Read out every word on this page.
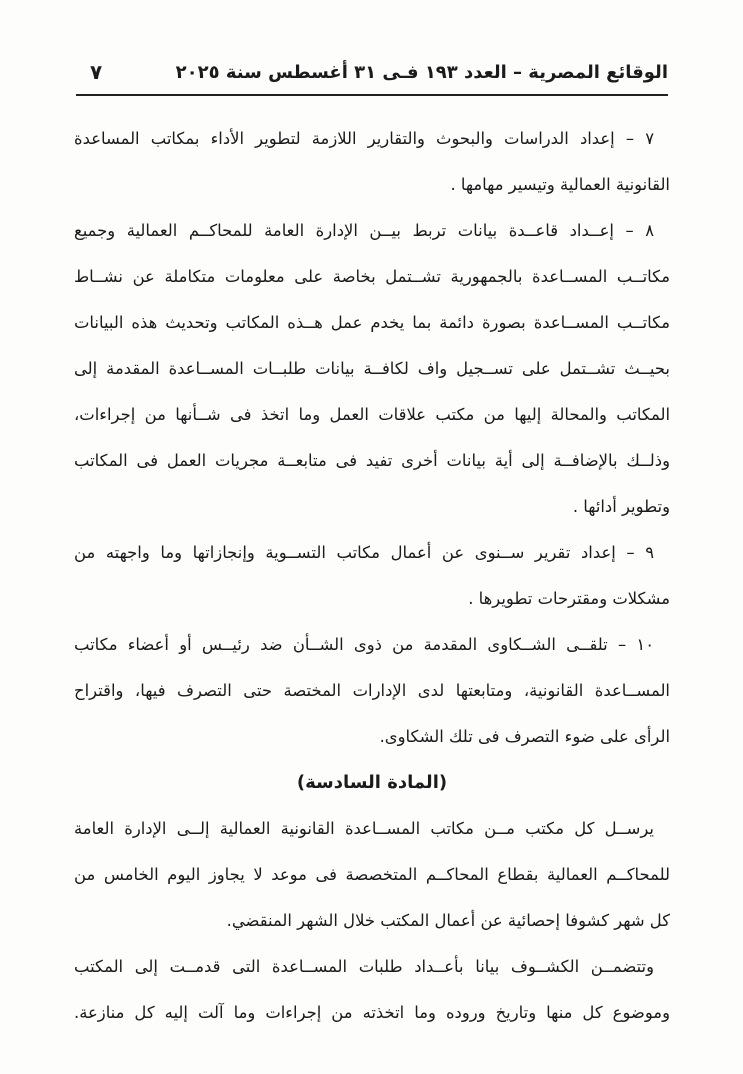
الوقائع المصرية – العدد ١٩٣ فـى ٣١ أغسطس سنة ٢٠٢٥
٧
٧ – إعداد الدراسات والبحوث والتقارير اللازمة لتطوير الأداء بمكاتب المساعدة
القانونية العمالية وتيسير مهامها .
٨ – إعــداد قاعــدة بيانات تربط بيــن الإدارة العامة للمحاكــم العمالية وجميع
مكاتــب المســاعدة بالجمهورية تشــتمل بخاصة على معلومات متكاملة عن نشــاط
مكاتــب المســاعدة بصورة دائمة بما يخدم عمل هــذه المكاتب وتحديث هذه البيانات
بحيــث تشــتمل على تســجيل واف لكافــة بيانات طلبــات المســاعدة المقدمة إلى
المكاتب والمحالة إليها من مكتب علاقات العمل وما اتخذ فى شــأنها من إجراءات،
وذلــك بالإضافــة إلى أية بيانات أخرى تفيد فى متابعــة مجريات العمل فى المكاتب
وتطوير أدائها .
٩ – إعداد تقرير ســنوى عن أعمال مكاتب التســوية وإنجازاتها وما واجهته من
مشكلات ومقترحات تطويرها .
١٠ – تلقــى الشــكاوى المقدمة من ذوى الشــأن ضد رئيــس أو أعضاء مكاتب
المســاعدة القانونية، ومتابعتها لدى الإدارات المختصة حتى التصرف فيها، واقتراح
الرأى على ضوء التصرف فى تلك الشكاوى.
(المادة السادسة)
يرســل كل مكتب مــن مكاتب المســاعدة القانونية العمالية إلــى الإدارة العامة
للمحاكــم العمالية بقطاع المحاكــم المتخصصة فى موعد لا يجاوز اليوم الخامس من
كل شهر كشوفا إحصائية عن أعمال المكتب خلال الشهر المنقضي.
وتتضمــن الكشــوف بيانا بأعــداد طلبات المســاعدة التى قدمــت إلى المكتب
وموضوع كل منها وتاريخ وروده وما اتخذته من إجراءات وما آلت إليه كل منازعة.
